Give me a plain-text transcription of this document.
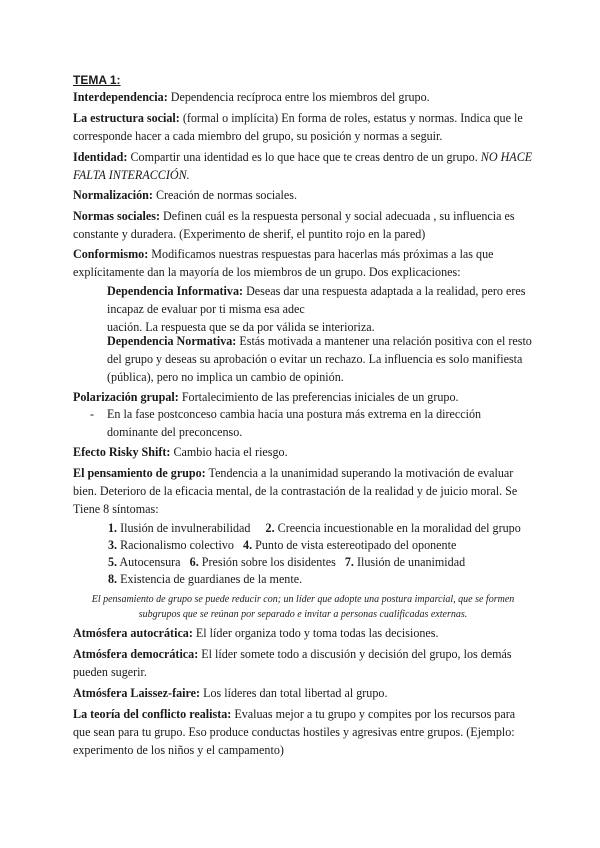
TEMA 1:

Interdependencia: Dependencia recíproca entre los miembros del grupo.

La estructura social: (formal o implícita) En forma de roles, estatus y normas. Indica que le corresponde hacer a cada miembro del grupo, su posición y normas a seguir.

Identidad: Compartir una identidad es lo que hace que te creas dentro de un grupo. NO HACE FALTA INTERACCIÓN.

Normalización: Creación de normas sociales.

Normas sociales: Definen cuál es la respuesta personal y social adecuada , su influencia es constante y duradera. (Experimento de sherif, el puntito rojo en la pared)

Conformismo: Modificamos nuestras respuestas para hacerlas más próximas a las que explícitamente dan la mayoría de los miembros de un grupo. Dos explicaciones:

Dependencia Informativa: Deseas dar una respuesta adaptada a la realidad, pero eres incapaz de evaluar por ti misma esa adec
uación. La respuesta que se da por válida se interioriza.

Dependencia Normativa: Estás motivada a mantener una relación positiva con el resto del grupo y deseas su aprobación o evitar un rechazo. La influencia es solo manifiesta (pública), pero no implica un cambio de opinión.

Polarización grupal: Fortalecimiento de las preferencias iniciales de un grupo.

- En la fase postconceso cambia hacia una postura más extrema en la dirección dominante del preconcenso.

Efecto Risky Shift: Cambio hacia el riesgo.

El pensamiento de grupo: Tendencia a la unanimidad superando la motivación de evaluar bien. Deterioro de la eficacia mental, de la contrastación de la realidad y de juicio moral. Se Tiene 8 síntomas:

1. Ilusión de invulnerabilidad 2. Creencia incuestionable en la moralidad del grupo

3. Racionalismo colectivo 4. Punto de vista estereotipado del oponente

5. Autocensura 6. Presión sobre los disidentes 7. Ilusión de unanimidad

8. Existencia de guardianes de la mente.

El pensamiento de grupo se puede reducir con; un líder que adopte una postura imparcial, que se formen subgrupos que se reúnan por separado e invitar a personas cualificadas externas.

Atmósfera autocrática: El líder organiza todo y toma todas las decisiones.

Atmósfera democrática: El líder somete todo a discusión y decisión del grupo, los demás pueden sugerir.

Atmósfera Laissez-faire: Los líderes dan total libertad al grupo.

La teoría del conflicto realista: Evaluas mejor a tu grupo y compites por los recursos para que sean para tu grupo. Eso produce conductas hostiles y agresivas entre grupos. (Ejemplo: experimento de los niños y el campamento)
